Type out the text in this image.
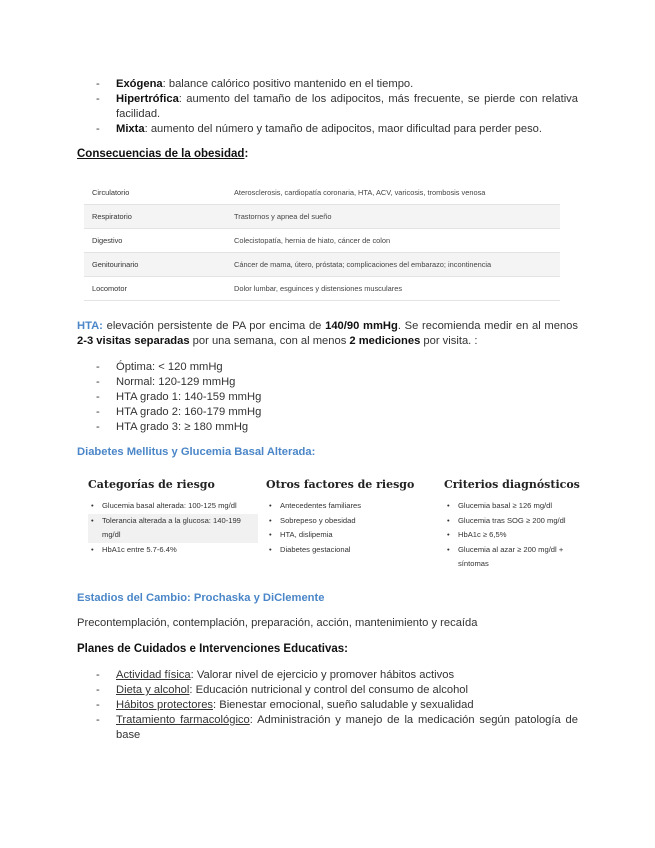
- Exógena: balance calórico positivo mantenido en el tiempo.
- Hipertrófica: aumento del tamaño de los adipocitos, más frecuente, se pierde con relativa facilidad.
- Mixta: aumento del número y tamaño de adipocitos, maor dificultad para perder peso.
Consecuencias de la obesidad:
Circulatorio	Aterosclerosis, cardiopatía coronaria, HTA, ACV, varicosis, trombosis venosa
Respiratorio	Trastornos y apnea del sueño
Digestivo	Colecistopatía, hernia de hiato, cáncer de colon
Genitourinario	Cáncer de mama, útero, próstata; complicaciones del embarazo; incontinencia
Locomotor	Dolor lumbar, esguinces y distensiones musculares
HTA: elevación persistente de PA por encima de 140/90 mmHg. Se recomienda medir en al menos 2-3 visitas separadas por una semana, con al menos 2 mediciones por visita. :
- Óptima: < 120 mmHg
- Normal: 120-129 mmHg
- HTA grado 1: 140-159 mmHg
- HTA grado 2: 160-179 mmHg
- HTA grado 3: ≥ 180 mmHg
Diabetes Mellitus y Glucemia Basal Alterada:
Categorías de riesgo
• Glucemia basal alterada: 100-125 mg/dl
• Tolerancia alterada a la glucosa: 140-199 mg/dl
• HbA1c entre 5.7-6.4%
Otros factores de riesgo
• Antecedentes familiares
• Sobrepeso y obesidad
• HTA, dislipemia
• Diabetes gestacional
Criterios diagnósticos
• Glucemia basal ≥ 126 mg/dl
• Glucemia tras SOG ≥ 200 mg/dl
• HbA1c ≥ 6,5%
• Glucemia al azar ≥ 200 mg/dl + síntomas
Estadios del Cambio: Prochaska y DiClemente
Precontemplación, contemplación, preparación, acción, mantenimiento y recaída
Planes de Cuidados e Intervenciones Educativas:
- Actividad física: Valorar nivel de ejercicio y promover hábitos activos
- Dieta y alcohol: Educación nutricional y control del consumo de alcohol
- Hábitos protectores: Bienestar emocional, sueño saludable y sexualidad
- Tratamiento farmacológico: Administración y manejo de la medicación según patología de base
